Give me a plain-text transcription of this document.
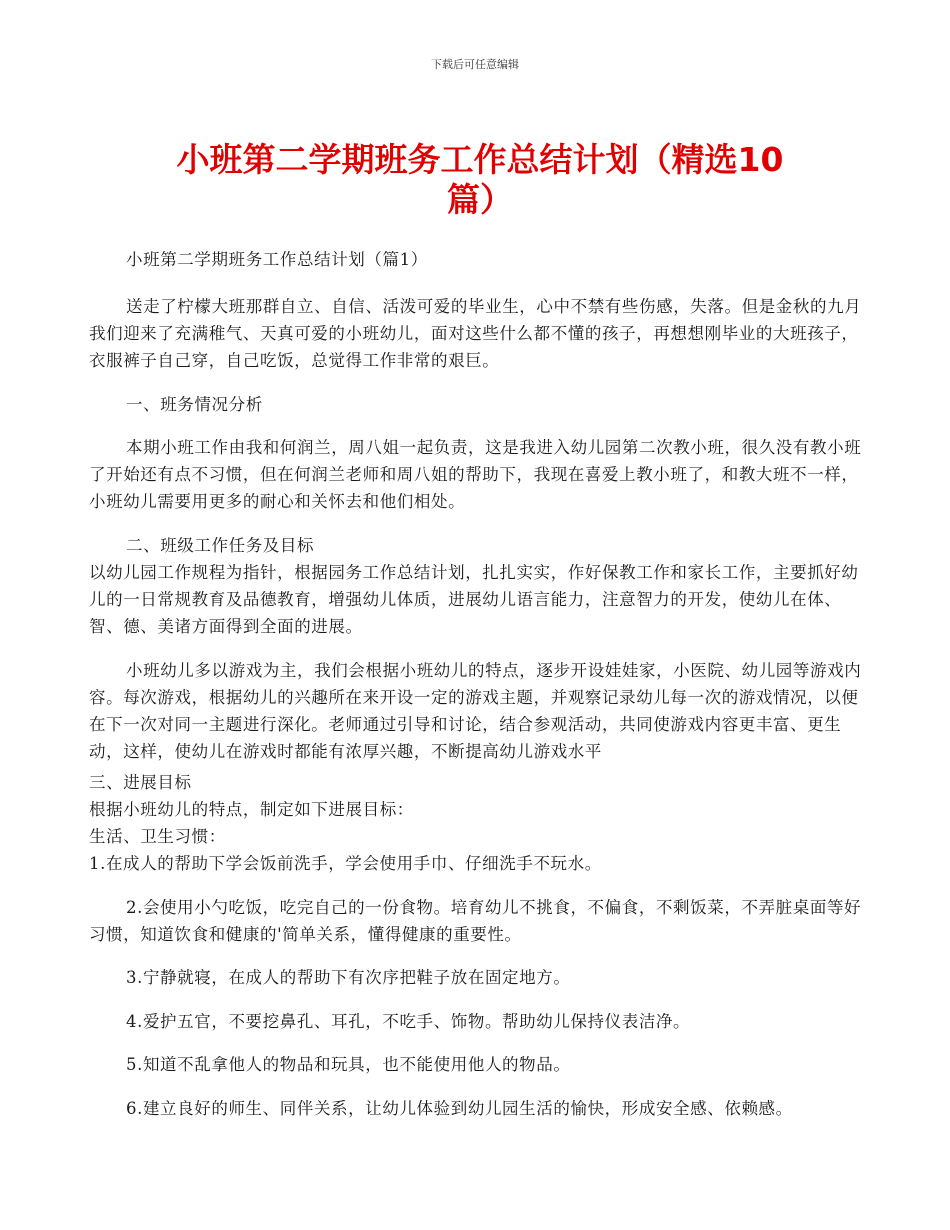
下载后可任意编辑
小班第二学期班务工作总结计划（精选10
篇）
小班第二学期班务工作总结计划（篇1）
送走了柠檬大班那群自立、自信、活泼可爱的毕业生，心中不禁有些伤感，失落。但是金秋的九月我们迎来了充满稚气、天真可爱的小班幼儿，面对这些什么都不懂的孩子，再想想刚毕业的大班孩子，衣服裤子自己穿，自己吃饭，总觉得工作非常的艰巨。
一、班务情况分析
本期小班工作由我和何润兰，周八姐一起负责，这是我进入幼儿园第二次教小班，很久没有教小班了开始还有点不习惯，但在何润兰老师和周八姐的帮助下，我现在喜爱上教小班了，和教大班不一样，小班幼儿需要用更多的耐心和关怀去和他们相处。
二、班级工作任务及目标
以幼儿园工作规程为指针，根据园务工作总结计划，扎扎实实，作好保教工作和家长工作，主要抓好幼儿的一日常规教育及品德教育，增强幼儿体质，进展幼儿语言能力，注意智力的开发，使幼儿在体、智、德、美诸方面得到全面的进展。
小班幼儿多以游戏为主，我们会根据小班幼儿的特点，逐步开设娃娃家，小医院、幼儿园等游戏内容。每次游戏，根据幼儿的兴趣所在来开设一定的游戏主题，并观察记录幼儿每一次的游戏情况，以便在下一次对同一主题进行深化。老师通过引导和讨论，结合参观活动，共同使游戏内容更丰富、更生动，这样，使幼儿在游戏时都能有浓厚兴趣，不断提高幼儿游戏水平
三、进展目标
根据小班幼儿的特点，制定如下进展目标：
生活、卫生习惯：
1.在成人的帮助下学会饭前洗手，学会使用手巾、仔细洗手不玩水。
2.会使用小勺吃饭，吃完自己的一份食物。培育幼儿不挑食，不偏食，不剩饭菜，不弄脏桌面等好习惯，知道饮食和健康的'简单关系，懂得健康的重要性。
3.宁静就寝，在成人的帮助下有次序把鞋子放在固定地方。
4.爱护五官，不要挖鼻孔、耳孔，不吃手、饰物。帮助幼儿保持仪表洁净。
5.知道不乱拿他人的物品和玩具，也不能使用他人的物品。
6.建立良好的师生、同伴关系，让幼儿体验到幼儿园生活的愉快，形成安全感、依赖感。
